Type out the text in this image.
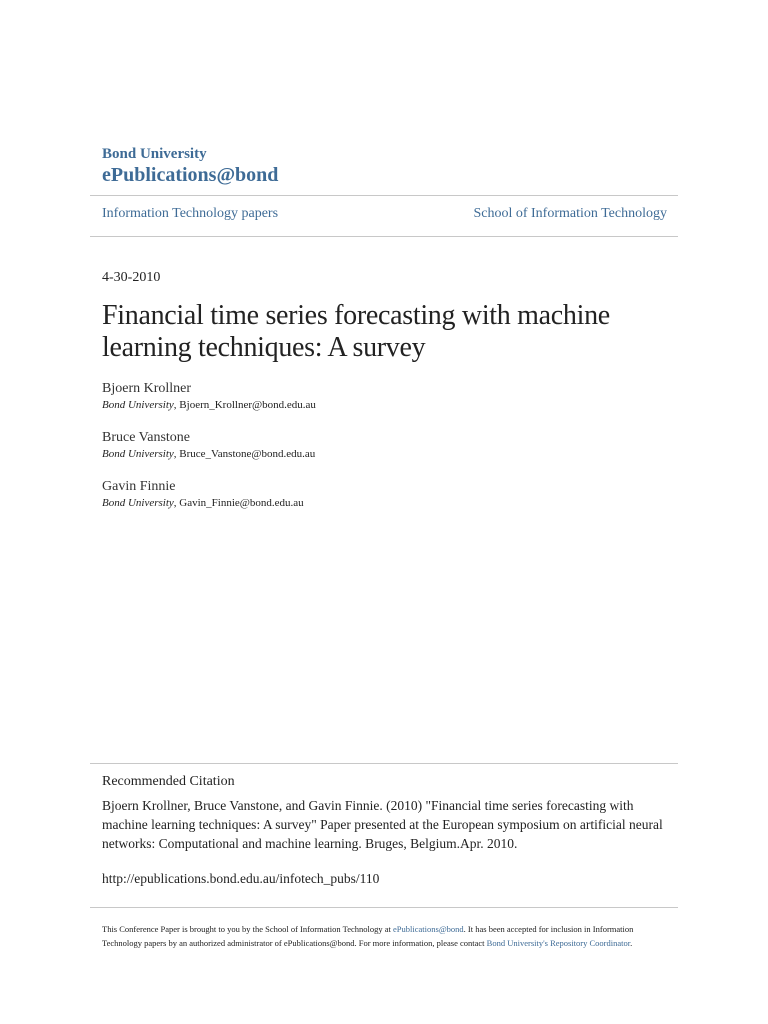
Bond University
ePublications@bond
Information Technology papers	School of Information Technology
4-30-2010
Financial time series forecasting with machine learning techniques: A survey
Bjoern Krollner
Bond University, Bjoern_Krollner@bond.edu.au
Bruce Vanstone
Bond University, Bruce_Vanstone@bond.edu.au
Gavin Finnie
Bond University, Gavin_Finnie@bond.edu.au
Recommended Citation
Bjoern Krollner, Bruce Vanstone, and Gavin Finnie. (2010) "Financial time series forecasting with machine learning techniques: A survey" Paper presented at the European symposium on artificial neural networks: Computational and machine learning. Bruges, Belgium.Apr. 2010.
http://epublications.bond.edu.au/infotech_pubs/110
This Conference Paper is brought to you by the School of Information Technology at ePublications@bond. It has been accepted for inclusion in Information Technology papers by an authorized administrator of ePublications@bond. For more information, please contact Bond University's Repository Coordinator.
